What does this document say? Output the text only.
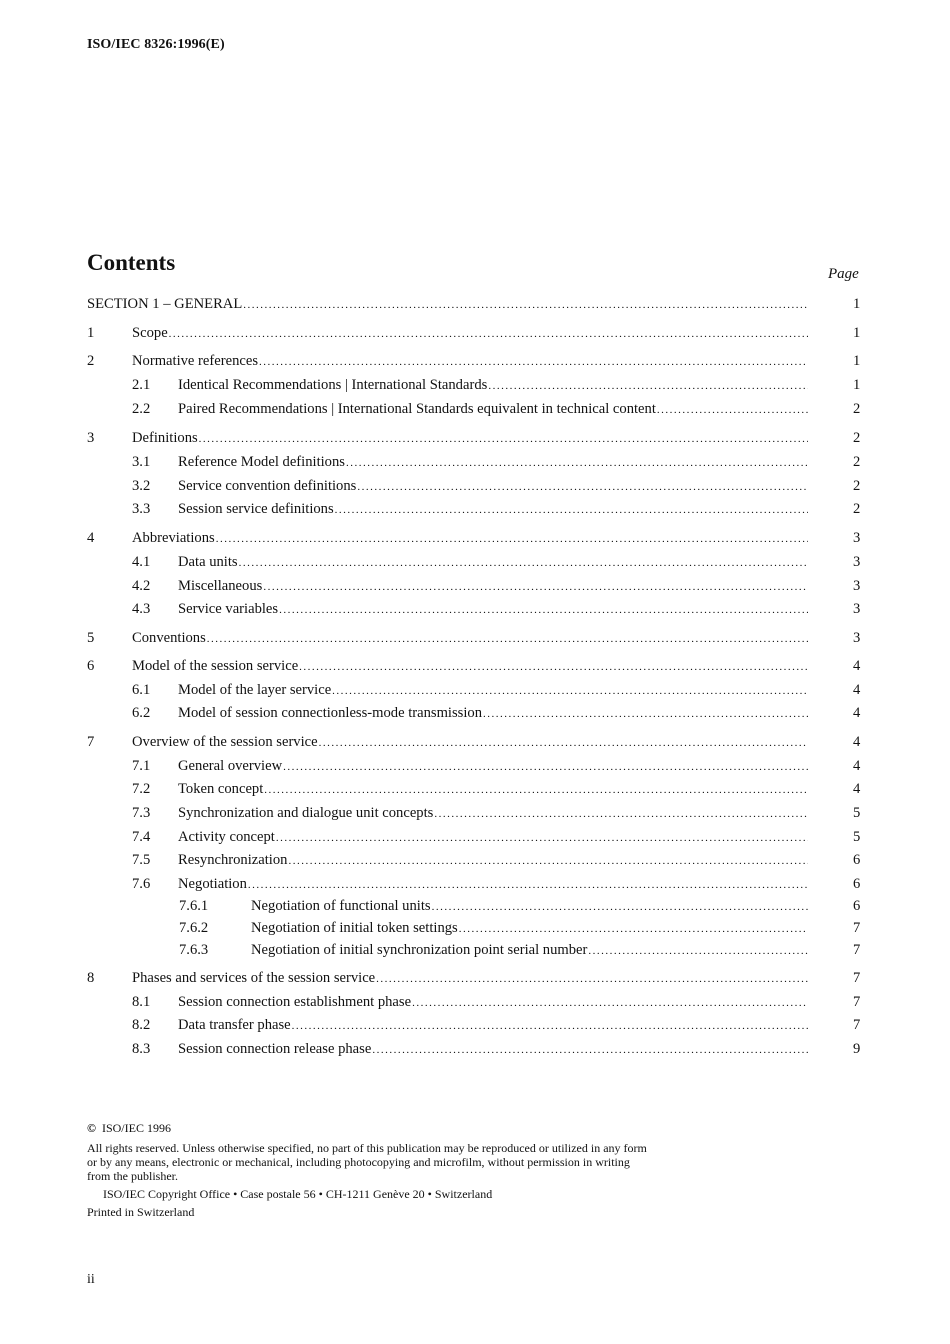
ISO/IEC 8326:1996(E)
Contents	Page
SECTION 1 – GENERAL .....	1
1	Scope .....	1
2	Normative references .....	1
2.1 Identical Recommendations | International Standards .....	1
2.2 Paired Recommendations | International Standards equivalent in technical content .....	2
3	Definitions .....	2
3.1 Reference Model definitions .....	2
3.2 Service convention definitions .....	2
3.3 Session service definitions .....	2
4	Abbreviations .....	3
4.1 Data units .....	3
4.2 Miscellaneous .....	3
4.3 Service variables .....	3
5	Conventions .....	3
6	Model of the session service .....	4
6.1 Model of the layer service .....	4
6.2 Model of session connectionless-mode transmission .....	4
7	Overview of the session service .....	4
7.1 General overview .....	4
7.2 Token concept .....	4
7.3 Synchronization and dialogue unit concepts .....	5
7.4 Activity concept .....	5
7.5 Resynchronization .....	6
7.6 Negotiation .....	6
7.6.1	Negotiation of functional units .....	6
7.6.2	Negotiation of initial token settings .....	7
7.6.3	Negotiation of initial synchronization point serial number .....	7
8	Phases and services of the session service .....	7
8.1 Session connection establishment phase .....	7
8.2 Data transfer phase .....	7
8.3 Session connection release phase .....	9

© ISO/IEC 1996

All rights reserved. Unless otherwise specified, no part of this publication may be reproduced or utilized in any form or by any means, electronic or mechanical, including photocopying and microfilm, without permission in writing from the publisher.

ISO/IEC Copyright Office • Case postale 56 • CH-1211 Genève 20 • Switzerland

Printed in Switzerland

ii
